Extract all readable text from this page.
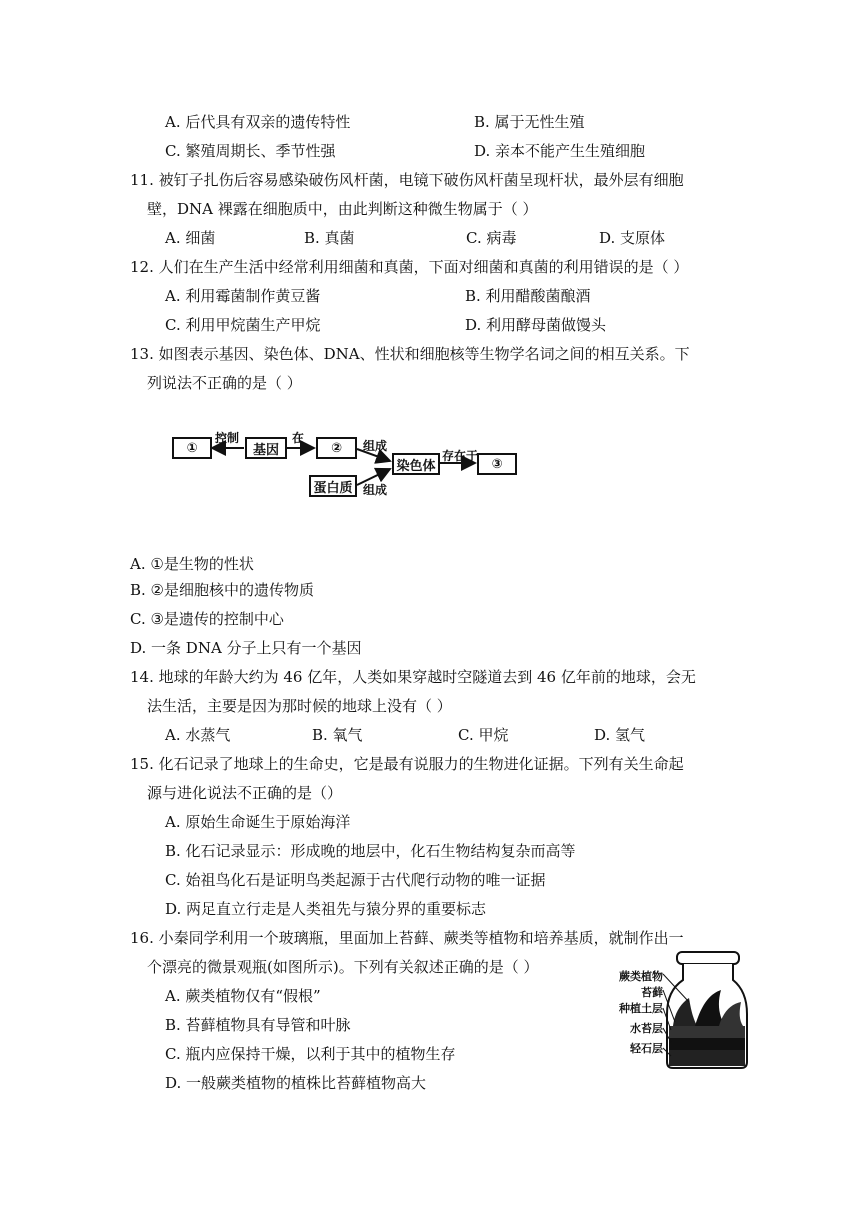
A. 后代具有双亲的遗传特性	B. 属于无性生殖
C. 繁殖周期长、季节性强	D. 亲本不能产生生殖细胞
11. 被钉子扎伤后容易感染破伤风杆菌，电镜下破伤风杆菌呈现杆状，最外层有细胞
壁，DNA 裸露在细胞质中，由此判断这种微生物属于（ ）
A. 细菌	B. 真菌	C. 病毒	D. 支原体
12. 人们在生产生活中经常利用细菌和真菌，下面对细菌和真菌的利用错误的是（ ）
A. 利用霉菌制作黄豆酱	B. 利用醋酸菌酿酒
C. 利用甲烷菌生产甲烷	D. 利用酵母菌做馒头
13. 如图表示基因、染色体、DNA、性状和细胞核等生物学名词之间的相互关系。下
列说法不正确的是（ ）
①	基因	②
染色体	③
蛋白质
控制	在
组成
存在于
组成
A. ①是生物的性状
B. ②是细胞核中的遗传物质
C. ③是遗传的控制中心
D. 一条 DNA 分子上只有一个基因
14. 地球的年龄大约为 46 亿年，人类如果穿越时空隧道去到 46 亿年前的地球，会无
法生活，主要是因为那时候的地球上没有（ ）
A. 水蒸气	B. 氧气	C. 甲烷	D. 氢气
15. 化石记录了地球上的生命史，它是最有说服力的生物进化证据。下列有关生命起
源与进化说法不正确的是（）
A. 原始生命诞生于原始海洋
B. 化石记录显示：形成晚的地层中，化石生物结构复杂而高等
C. 始祖鸟化石是证明鸟类起源于古代爬行动物的唯一证据
D. 两足直立行走是人类祖先与猿分界的重要标志
16. 小秦同学利用一个玻璃瓶，里面加上苔藓、蕨类等植物和培养基质，就制作出一
个漂亮的微景观瓶(如图所示)。下列有关叙述正确的是（ ）
A. 蕨类植物仅有“假根”
B. 苔藓植物具有导管和叶脉
C. 瓶内应保持干燥，以利于其中的植物生存
D. 一般蕨类植物的植株比苔藓植物高大
蕨类植物
苔藓
种植土层
水苔层
轻石层
